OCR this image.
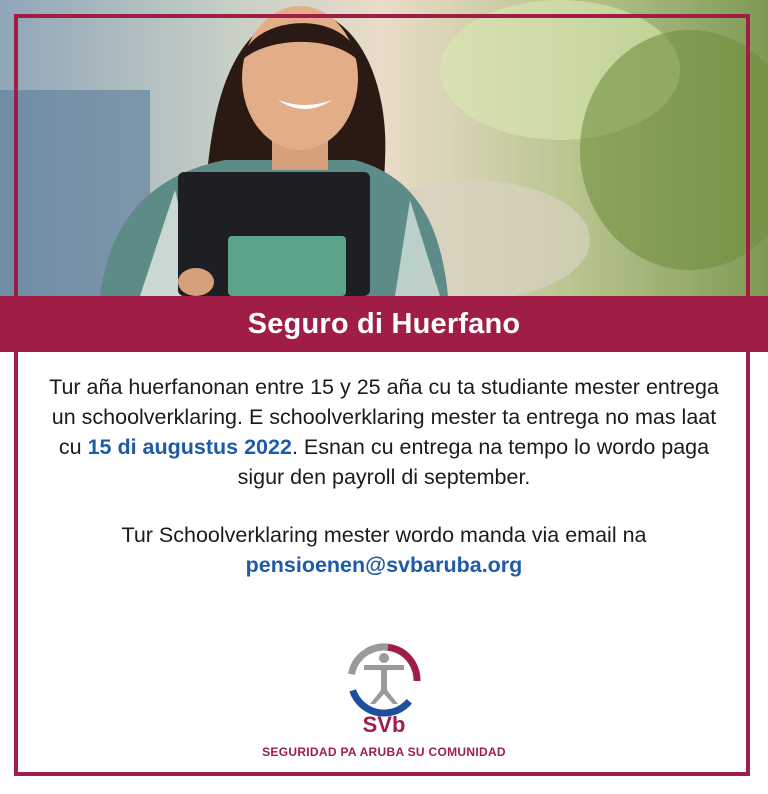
Seguro di Huerfano

Tur aña huerfanonan entre 15 y 25 aña cu ta studiante mester entrega un schoolverklaring. E schoolverklaring mester ta entrega no mas laat cu 15 di augustus 2022. Esnan cu entrega na tempo lo wordo paga sigur den payroll di september.

Tur Schoolverklaring mester wordo manda via email na

pensioenen@svbaruba.org

SVb
SEGURIDAD PA ARUBA SU COMUNIDAD
